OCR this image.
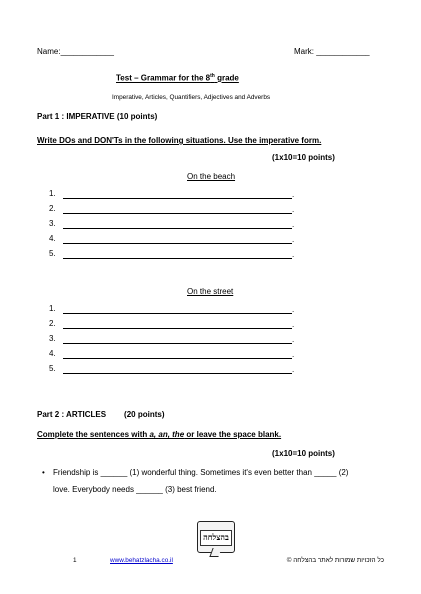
Name:____________	Mark: ____________
Test – Grammar for the 8th grade
Imperative, Articles, Quantifiers, Adjectives and Adverbs
Part 1 : IMPERATIVE (10 points)
Write DOs and DON'Ts in the following situations. Use the imperative form.
(1x10=10 points)
On the beach
1.	.
2.	.
3.	.
4.	.
5.	.
On the street
1.	.
2.	.
3.	.
4.	.
5.	.
Part 2 : ARTICLES (20 points)
Complete the sentences with a, an, the or leave the space blank.
(1x10=10 points)
• Friendship is ______ (1) wonderful thing. Sometimes it's even better than _____ (2)
love. Everybody needs ______ (3) best friend.
בהצלחה
1	www.behatzlacha.co.il	כל הזכויות שמורות לאתר בהצלחה ©
